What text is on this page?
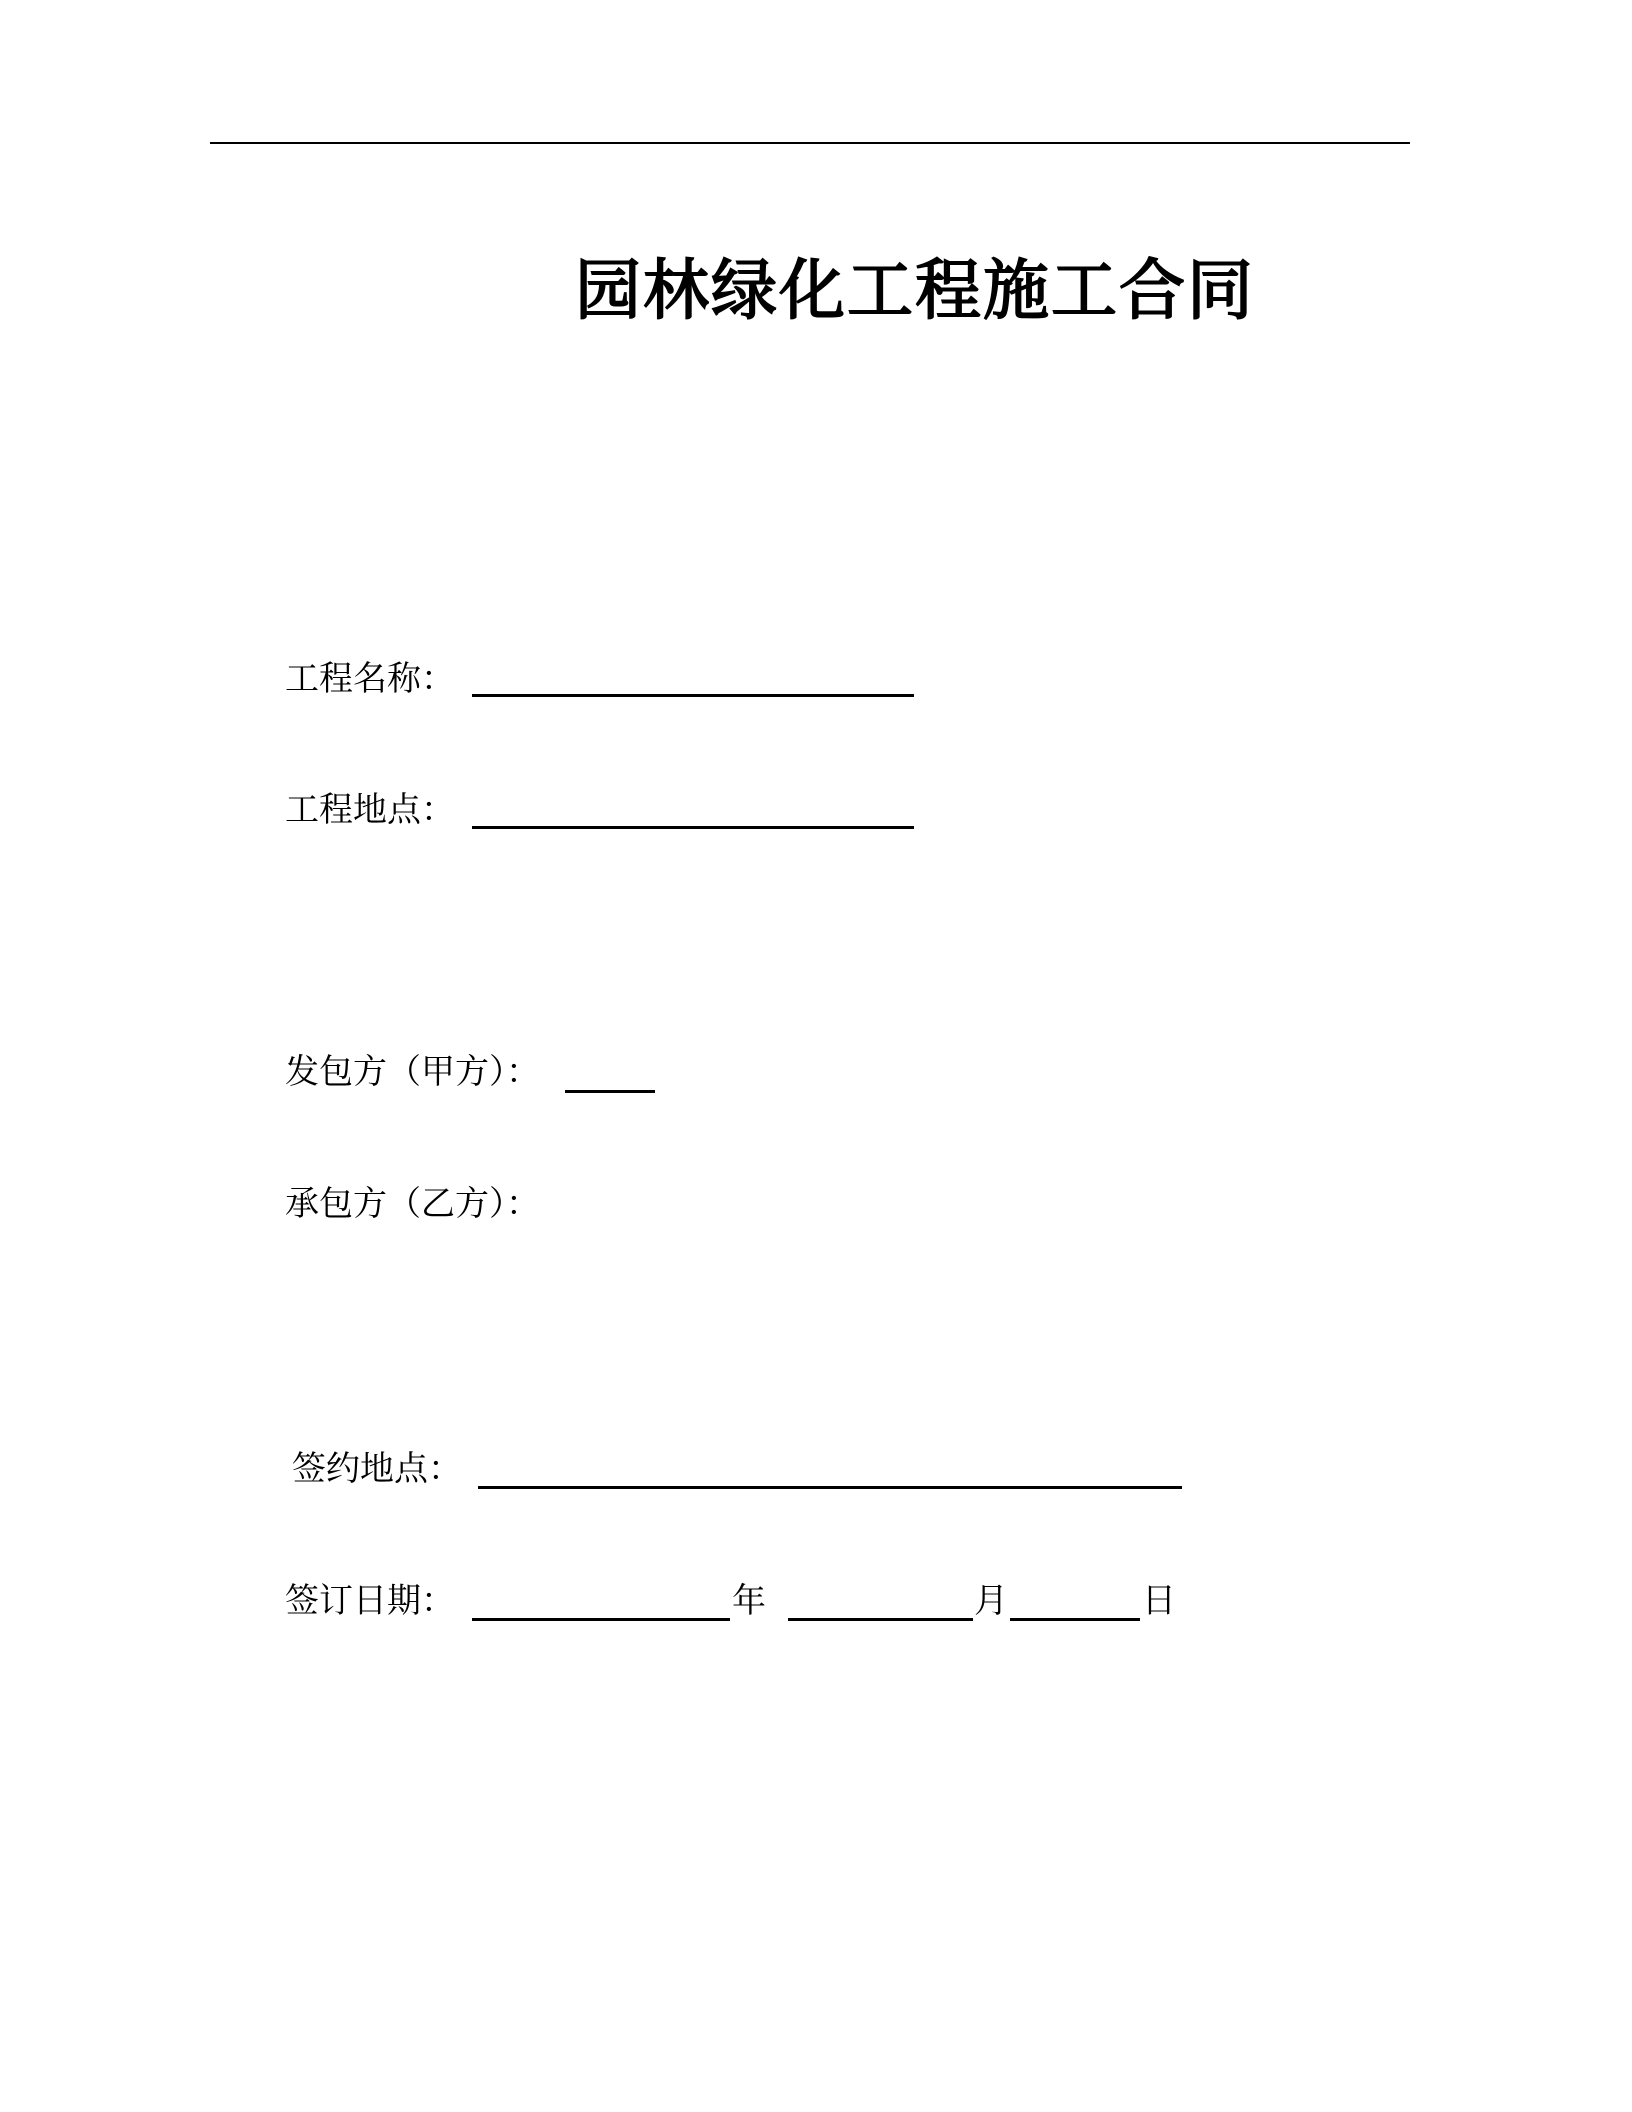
园林绿化工程施工合同
工程名称：
工程地点：
发包方（甲方）：
承包方（乙方）：
签约地点：
签订日期：	年	月	日
